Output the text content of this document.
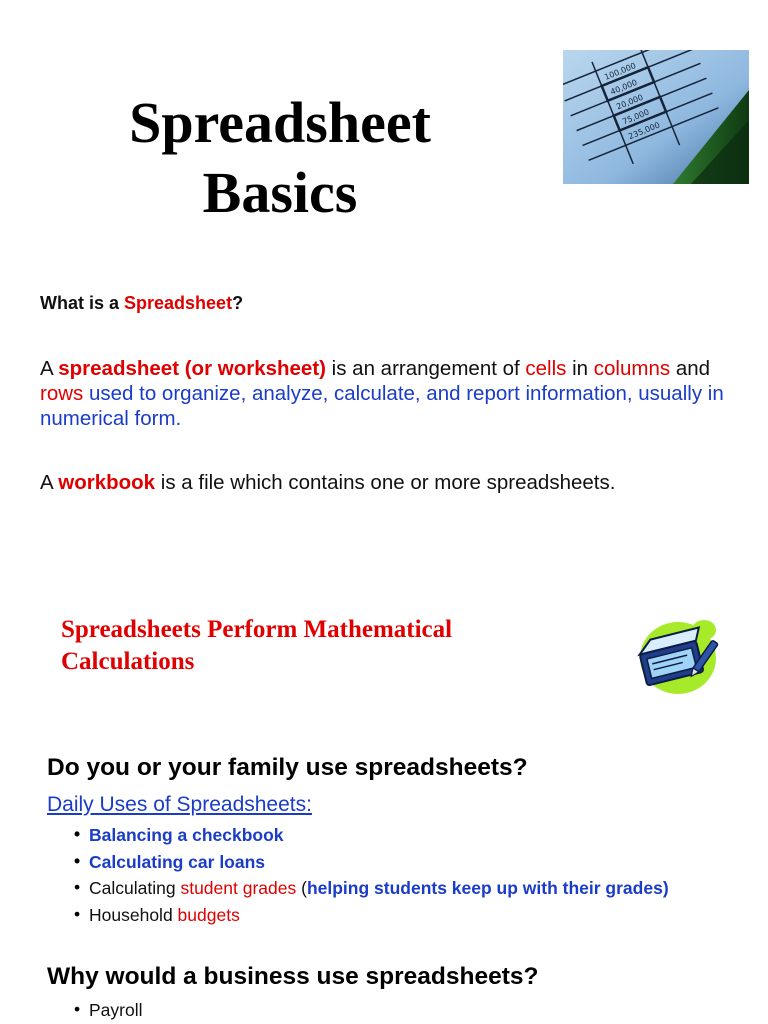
Spreadsheet
Basics
100,000
40,000
20,000
75,000
235,000
What is a Spreadsheet?
A spreadsheet (or worksheet) is an arrangement of cells in columns and rows used to organize, analyze, calculate, and report information, usually in numerical form.
A workbook is a file which contains one or more spreadsheets.
Spreadsheets Perform Mathematical
Calculations
Do you or your family use spreadsheets?
Daily Uses of Spreadsheets:
• Balancing a checkbook
• Calculating car loans
• Calculating student grades (helping students keep up with their grades)
• Household budgets
Why would a business use spreadsheets?
• Payroll
